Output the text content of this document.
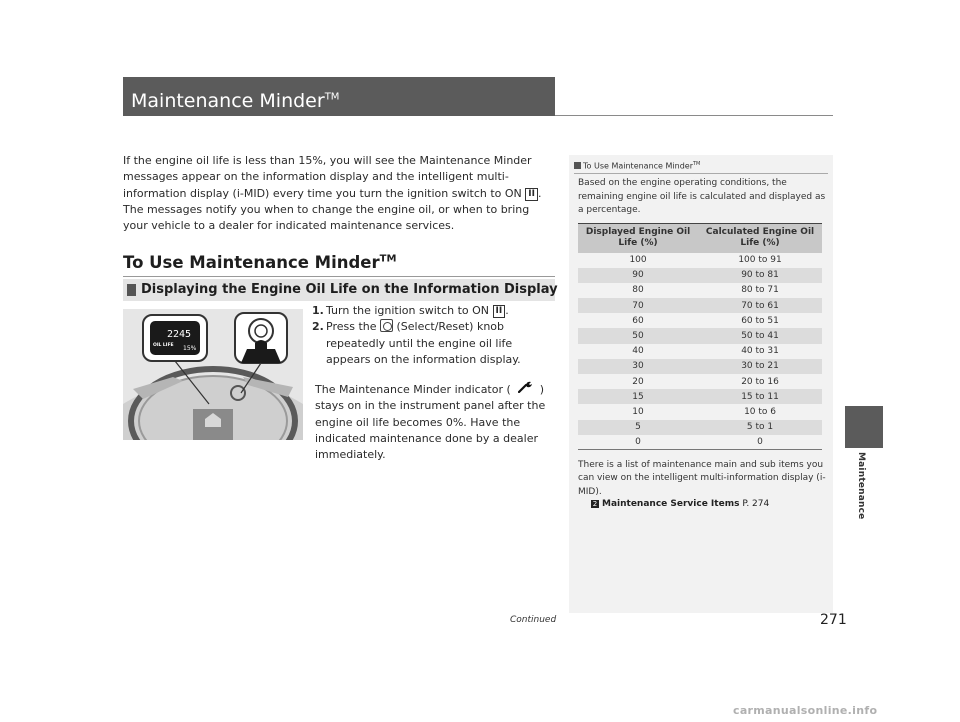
Maintenance Minder™
Maintenance

If the engine oil life is less than 15%, you will see the Maintenance Minder messages appear on the information display and the intelligent multi-information display (i-MID) every time you turn the ignition switch to ON II . The messages notify you when to change the engine oil, or when to bring your vehicle to a dealer for indicated maintenance services.

To Use Maintenance Minder™
Displaying the Engine Oil Life on the Information Display
2245
OIL LIFE 15%
1. Turn the ignition switch to ON II .
2. Press the  (Select/Reset) knob repeatedly until the engine oil life appears on the information display.

The Maintenance Minder indicator (  ) stays on in the instrument panel after the engine oil life becomes 0%. Have the indicated maintenance done by a dealer immediately.

To Use Maintenance Minder™

Based on the engine operating conditions, the remaining engine oil life is calculated and displayed as a percentage.

Displayed Engine Oil Life (%)	Calculated Engine Oil Life (%)
100	100 to 91
90	90 to 81
80	80 to 71
70	70 to 61
60	60 to 51
50	50 to 41
40	40 to 31
30	30 to 21
20	20 to 16
15	15 to 11
10	10 to 6
5	5 to 1
0	0

There is a list of maintenance main and sub items you can view on the intelligent multi-information display (i-MID).

2 Maintenance Service Items P. 274
Continued	271
carmanualsonline.info
